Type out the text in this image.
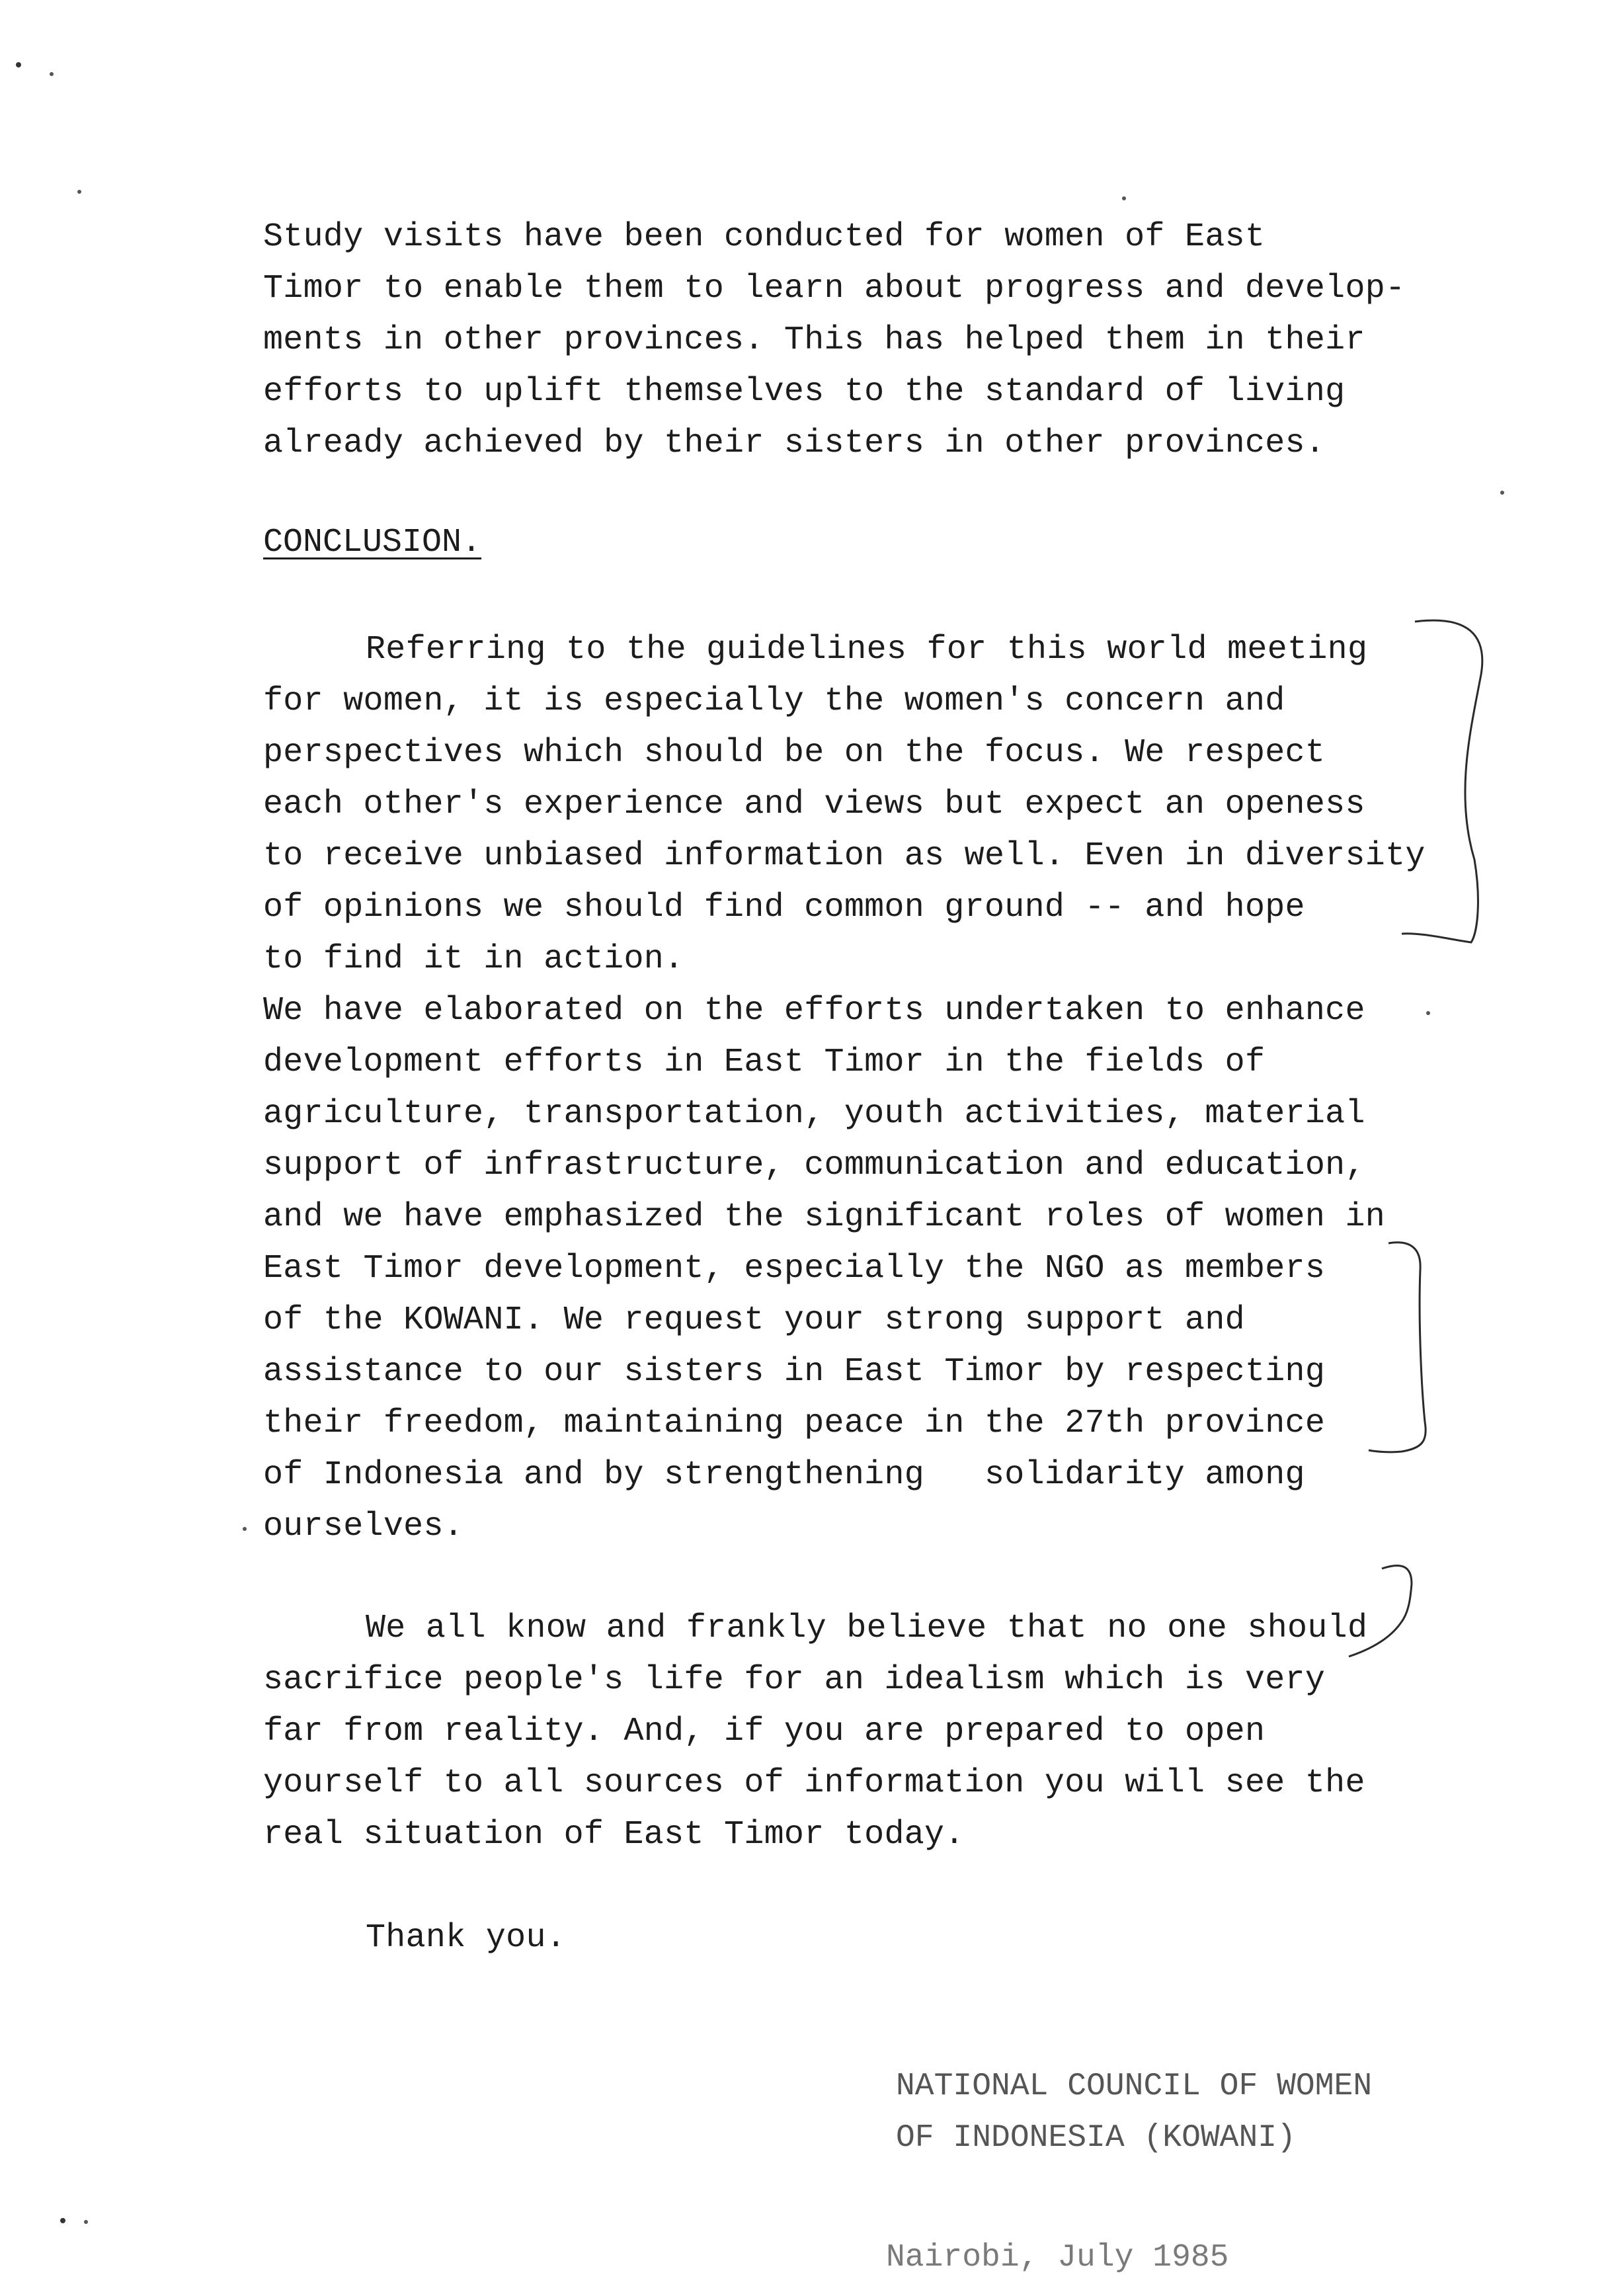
Study visits have been conducted for women of East
Timor to enable them to learn about progress and develop-
ments in other provinces. This has helped them in their
efforts to uplift themselves to the standard of living
already achieved by their sisters in other provinces.
CONCLUSION.
Referring to the guidelines for this world meeting
for women, it is especially the women's concern and
perspectives which should be on the focus. We respect
each other's experience and views but expect an openess
to receive unbiased information as well. Even in diversity
of opinions we should find common ground -- and hope
to find it in action.
We have elaborated on the efforts undertaken to enhance
development efforts in East Timor in the fields of
agriculture, transportation, youth activities, material
support of infrastructure, communication and education,
and we have emphasized the significant roles of women in
East Timor development, especially the NGO as members
of the KOWANI. We request your strong support and
assistance to our sisters in East Timor by respecting
their freedom, maintaining peace in the 27th province
of Indonesia and by strengthening   solidarity among
ourselves.
We all know and frankly believe that no one should
sacrifice people's life for an idealism which is very
far from reality. And, if you are prepared to open
yourself to all sources of information you will see the
real situation of East Timor today.
Thank you.
NATIONAL COUNCIL OF WOMEN
OF INDONESIA (KOWANI)
Nairobi, July 1985
